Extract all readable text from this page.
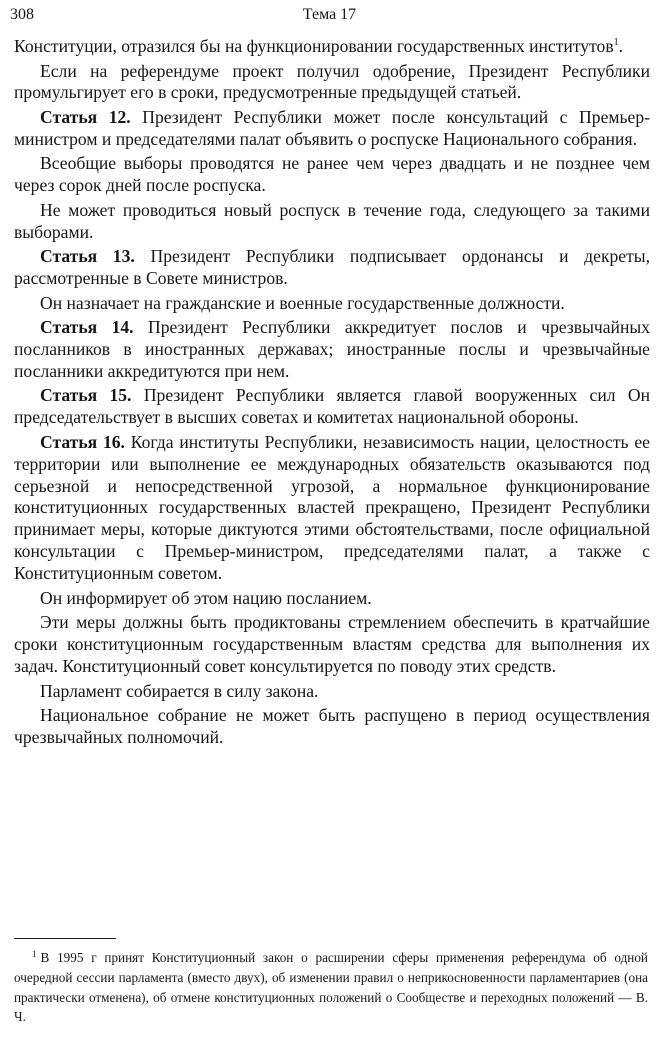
308	Тема 17

Конституции, отразился бы на функционировании государственных институтов$^1$.

Если на референдуме проект получил одобрение, Президент Республики промульгирует его в сроки, предусмотренные предыдущей статьей.

Статья 12. Президент Республики может после консультаций с Премьер-министром и председателями палат объявить о роспуске Национального собрания.

Всеобщие выборы проводятся не ранее чем через двадцать и не позднее чем через сорок дней после роспуска.

Не может проводиться новый роспуск в течение года, следующего за такими выборами.

Статья 13. Президент Республики подписывает ордонансы и декреты, рассмотренные в Совете министров.

Он назначает на гражданские и военные государственные должности.

Статья 14. Президент Республики аккредитует послов и чрезвычайных посланников в иностранных державах; иностранные послы и чрезвычайные посланники аккредитуются при нем.

Статья 15. Президент Республики является главой вооруженных сил Он председательствует в высших советах и комитетах национальной обороны.

Статья 16. Когда институты Республики, независимость нации, целостность ее территории или выполнение ее международных обязательств оказываются под серьезной и непосредственной угрозой, а нормальное функционирование конституционных государственных властей прекращено, Президент Республики принимает меры, которые диктуются этими обстоятельствами, после официальной консультации с Премьер-министром, председателями палат, а также с Конституционным советом.

Он информирует об этом нацию посланием.

Эти меры должны быть продиктованы стремлением обеспечить в кратчайшие сроки конституционным государственным властям средства для выполнения их задач. Конституционный совет консультируется по поводу этих средств.

Парламент собирается в силу закона.

Национальное собрание не может быть распущено в период осуществления чрезвычайных полномочий.

$^1$ В 1995 г принят Конституционный закон о расширении сферы применения референдума об одной очередной сессии парламента (вместо двух), об изменении правил о неприкосновенности парламентариев (она практически отменена), об отмене конституционных положений о Сообществе и переходных положений — В. Ч.
